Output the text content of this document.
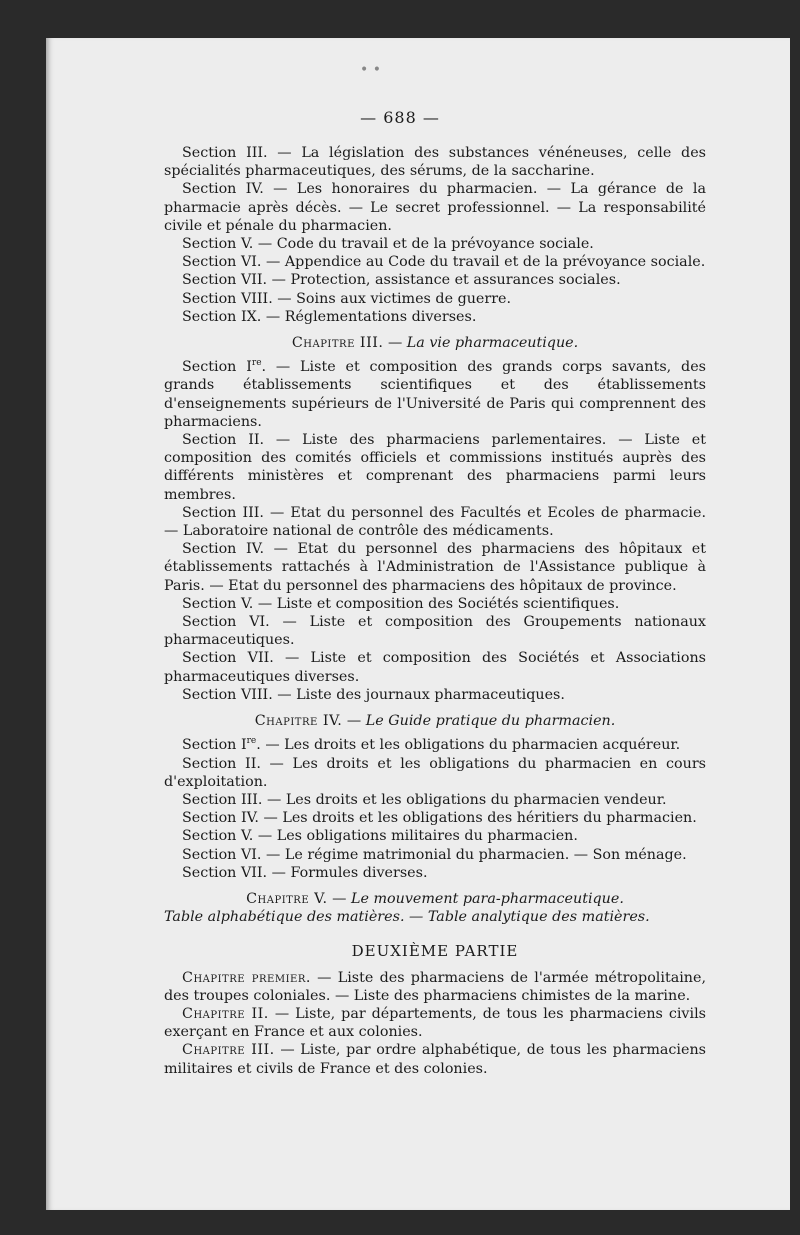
• •
— 688 —

Section III. — La législation des substances vénéneuses, celle des spécialités pharmaceutiques, des sérums, de la saccharine.

Section IV. — Les honoraires du pharmacien. — La gérance de la pharmacie après décès. — Le secret professionnel. — La responsabilité civile et pénale du pharmacien.

Section V. — Code du travail et de la prévoyance sociale.

Section VI. — Appendice au Code du travail et de la prévoyance sociale.

Section VII. — Protection, assistance et assurances sociales.

Section VIII. — Soins aux victimes de guerre.

Section IX. — Réglementations diverses.

Chapitre III. — La vie pharmaceutique.

Section Ire. — Liste et composition des grands corps savants, des grands établissements scientifiques et des établissements d'enseignements supérieurs de l'Université de Paris qui comprennent des pharmaciens.

Section II. — Liste des pharmaciens parlementaires. — Liste et composition des comités officiels et commissions institués auprès des différents ministères et comprenant des pharmaciens parmi leurs membres.

Section III. — Etat du personnel des Facultés et Ecoles de pharmacie. — Laboratoire national de contrôle des médicaments.

Section IV. — Etat du personnel des pharmaciens des hôpitaux et établissements rattachés à l'Administration de l'Assistance publique à Paris. — Etat du personnel des pharmaciens des hôpitaux de province.

Section V. — Liste et composition des Sociétés scientifiques.

Section VI. — Liste et composition des Groupements nationaux pharmaceutiques.

Section VII. — Liste et composition des Sociétés et Associations pharmaceutiques diverses.

Section VIII. — Liste des journaux pharmaceutiques.

Chapitre IV. — Le Guide pratique du pharmacien.

Section Ire. — Les droits et les obligations du pharmacien acquéreur.

Section II. — Les droits et les obligations du pharmacien en cours d'exploitation.

Section III. — Les droits et les obligations du pharmacien vendeur.

Section IV. — Les droits et les obligations des héritiers du pharmacien.

Section V. — Les obligations militaires du pharmacien.

Section VI. — Le régime matrimonial du pharmacien. — Son ménage.

Section VII. — Formules diverses.

Chapitre V. — Le mouvement para-pharmaceutique.

Table alphabétique des matières. — Table analytique des matières.

DEUXIÈME PARTIE

Chapitre premier. — Liste des pharmaciens de l'armée métropolitaine, des troupes coloniales. — Liste des pharmaciens chimistes de la marine.

Chapitre II. — Liste, par départements, de tous les pharmaciens civils exerçant en France et aux colonies.

Chapitre III. — Liste, par ordre alphabétique, de tous les pharmaciens militaires et civils de France et des colonies.
